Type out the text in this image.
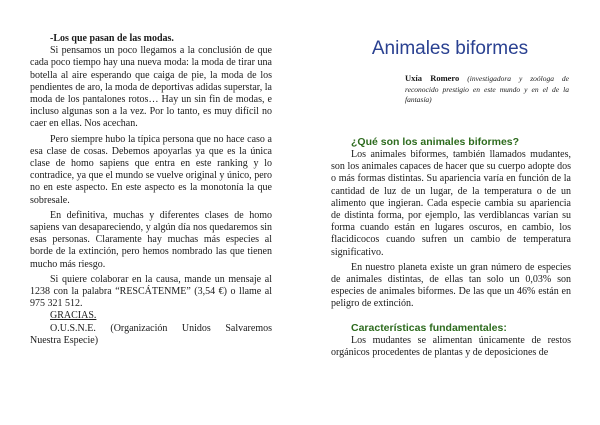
-Los que pasan de las modas.

Si pensamos un poco llegamos a la conclusión de que cada poco tiempo hay una nueva moda: la moda de tirar una botella al aire esperando que caiga de pie, la moda de los pendientes de aro, la moda de deportivas adidas superstar, la moda de los pantalones rotos… Hay un sin fin de modas, e incluso algunas son a la vez. Por lo tanto, es muy difícil no caer en ellas. Nos acechan.

Pero siempre hubo la típica persona que no hace caso a esa clase de cosas. Debemos apoyarlas ya que es la única clase de homo sapiens que entra en este ranking y lo contradice, ya que el mundo se vuelve original y único, pero no en este aspecto. En este aspecto es la monotonía la que sobresale.

En definitiva, muchas y diferentes clases de homo sapiens van desapareciendo, y algún día nos quedaremos sin esas personas. Claramente hay muchas más especies al borde de la extinción, pero hemos nombrado las que tienen mucho más riesgo.

Si quiere colaborar en la causa, mande un mensaje al 1238 con la palabra “RESCÁTENME” (3,54 €) o llame al 975 321 512.

GRACIAS.
O.U.S.N.E. (Organización Unidos Salvaremos
Nuestra Especie)
Animales biformes
Uxía Romero (investigadora y zoóloga de reconocido prestigio en este mundo y en el de la fantasía)
¿Qué son los animales biformes?

Los animales biformes, también llamados mudantes, son los animales capaces de hacer que su cuerpo adopte dos o más formas distintas. Su apariencia varía en función de la cantidad de luz de un lugar, de la temperatura o de un alimento que ingieran. Cada especie cambia su apariencia de distinta forma, por ejemplo, las verdiblancas varían su forma cuando están en lugares oscuros, en cambio, los flacidicocos cuando sufren un cambio de temperatura significativo.

En nuestro planeta existe un gran número de especies de animales distintas, de ellas tan solo un 0,03% son especies de animales biformes. De las que un 46% están en peligro de extinción.

Características fundamentales:

Los mudantes se alimentan únicamente de restos orgánicos procedentes de plantas y de deposiciones de
